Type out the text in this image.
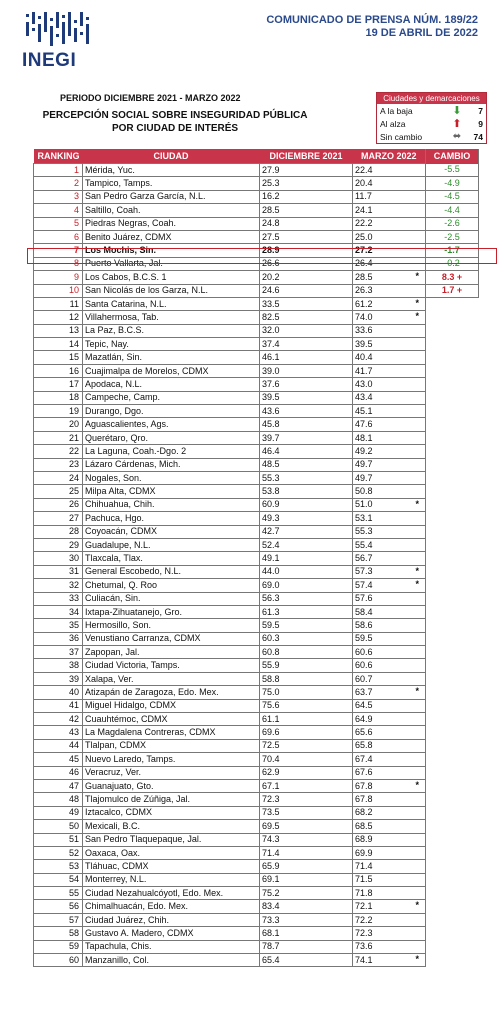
INEGI
COMUNICADO DE PRENSA NÚM. 189/22
19 DE ABRIL DE 2022
PERIODO DICIEMBRE 2021 - MARZO 2022
PERCEPCIÓN SOCIAL SOBRE INSEGURIDAD PÚBLICA
POR CIUDAD DE INTERÉS
Ciudades y demarcaciones
A la baja	⬇	7
Al alza	⬆	9
Sin cambio	⬌	74
RANKING	CIUDAD	DICIEMBRE 2021	MARZO 2022	CAMBIO
1	Mérida, Yuc.	27.9	22.4	-5.5
2	Tampico, Tamps.	25.3	20.4	-4.9
3	San Pedro Garza García, N.L.	16.2	11.7	-4.5
4	Saltillo, Coah.	28.5	24.1	-4.4
5	Piedras Negras, Coah.	24.8	22.2	-2.6
6	Benito Juárez, CDMX	27.5	25.0	-2.5
7	Los Mochis, Sin.	28.9	27.2	-1.7
8	Puerto Vallarta, Jal.	26.6	26.4	-0.2
9	Los Cabos, B.C.S. 1	20.2	28.5 *	8.3 +
10	San Nicolás de los Garza, N.L.	24.6	26.3	1.7 +
11	Santa Catarina, N.L.	33.5	61.2 *	

12	Villahermosa, Tab.	82.5	74.0 *	

13	La Paz, B.C.S.	32.0	33.6	
14	Tepic, Nay.	37.4	39.5	
15	Mazatlán, Sin.	46.1	40.4	
16	Cuajimalpa de Morelos, CDMX	39.0	41.7	
17	Apodaca, N.L.	37.6	43.0	
18	Campeche, Camp.	39.5	43.4	
19	Durango, Dgo.	43.6	45.1	
20	Aguascalientes, Ags.	45.8	47.6	
21	Querétaro, Qro.	39.7	48.1	
22	La Laguna, Coah.-Dgo. 2	46.4	49.2	
23	Lázaro Cárdenas, Mich.	48.5	49.7	
24	Nogales, Son.	55.3	49.7	
25	Milpa Alta, CDMX	53.8	50.8	
26	Chihuahua, Chih.	60.9	51.0 *	

27	Pachuca, Hgo.	49.3	53.1	
28	Coyoacán, CDMX	42.7	55.3	
29	Guadalupe, N.L.	52.4	55.4	
30	Tlaxcala, Tlax.	49.1	56.7	
31	General Escobedo, N.L.	44.0	57.3 *	

32	Chetumal, Q. Roo	69.0	57.4 *	

33	Culiacán, Sin.	56.3	57.6	
34	Ixtapa-Zihuatanejo, Gro.	61.3	58.4	
35	Hermosillo, Son.	59.5	58.6	
36	Venustiano Carranza, CDMX	60.3	59.5	
37	Zapopan, Jal.	60.8	60.6	
38	Ciudad Victoria, Tamps.	55.9	60.6	
39	Xalapa, Ver.	58.8	60.7	
40	Atizapán de Zaragoza, Edo. Mex.	75.0	63.7 *	

41	Miguel Hidalgo, CDMX	75.6	64.5	
42	Cuauhtémoc, CDMX	61.1	64.9	
43	La Magdalena Contreras, CDMX	69.6	65.6	
44	Tlalpan, CDMX	72.5	65.8	
45	Nuevo Laredo, Tamps.	70.4	67.4	
46	Veracruz, Ver.	62.9	67.6	
47	Guanajuato, Gto.	67.1	67.8 *	

48	Tlajomulco de Zúñiga, Jal.	72.3	67.8	
49	Iztacalco, CDMX	73.5	68.2	
50	Mexicali, B.C.	69.5	68.5	
51	San Pedro Tlaquepaque, Jal.	74.3	68.9	
52	Oaxaca, Oax.	71.4	69.9	
53	Tláhuac, CDMX	65.9	71.4	
54	Monterrey, N.L.	69.1	71.5	
55	Ciudad Nezahualcóyotl, Edo. Mex.	75.2	71.8	
56	Chimalhuacán, Edo. Mex.	83.4	72.1 *	

57	Ciudad Juárez, Chih.	73.3	72.2	
58	Gustavo A. Madero, CDMX	68.1	72.3	
59	Tapachula, Chis.	78.7	73.6	
60	Manzanillo, Col.	65.4	74.1 *	
